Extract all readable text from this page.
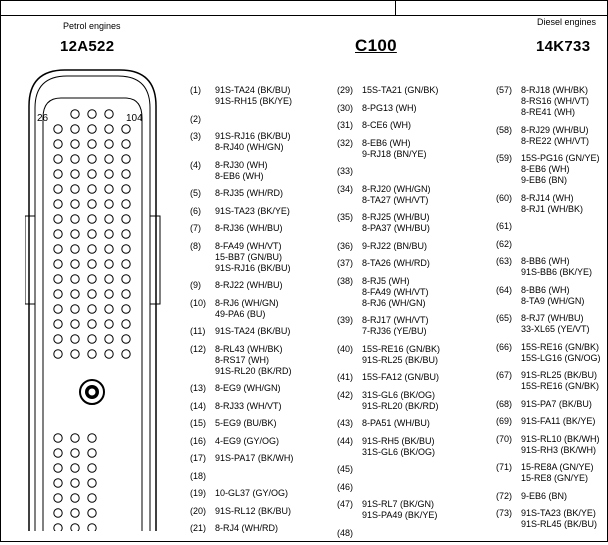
Petrol engines
12A522	C100
Diesel engines
14K733
26	104
(1)	91S-TA24 (BK/BU)
91S-RH15 (BK/YE)
(2)
(3)	91S-RJ16 (BK/BU)
8-RJ40 (WH/GN)
(4)	8-RJ30 (WH)
8-EB6 (WH)
(5)	8-RJ35 (WH/RD)
(6)	91S-TA23 (BK/YE)
(7)	8-RJ36 (WH/BU)
(8)	8-FA49 (WH/VT)
15-BB7 (GN/BU)
91S-RJ16 (BK/BU)
(9)	8-RJ22 (WH/BU)
(10) 8-RJ6 (WH/GN)
49-PA6 (BU)
(11)	91S-TA24 (BK/BU)
(12) 8-RL43 (WH/BK)
8-RS17 (WH)
91S-RL20 (BK/RD)
(13) 8-EG9 (WH/GN)
(14) 8-RJ33 (WH/VT)
(15) 5-EG9 (BU/BK)
(16) 4-EG9 (GY/OG)
(17) 91S-PA17 (BK/WH)
(18)
(19) 10-GL37 (GY/OG)
(20) 91S-RL12 (BK/BU)
(21) 8-RJ4 (WH/RD)
(29) 15S-TA21 (GN/BK)
(30) 8-PG13 (WH)
(31) 8-CE6 (WH)
(32) 8-EB6 (WH)
9-RJ18 (BN/YE)
(33)
(34) 8-RJ20 (WH/GN)
8-TA27 (WH/VT)
(35) 8-RJ25 (WH/BU)
8-PA37 (WH/BU)
(36) 9-RJ22 (BN/BU)
(37) 8-TA26 (WH/RD)
(38) 8-RJ5 (WH)
8-FA49 (WH/VT)
8-RJ6 (WH/GN)
(39) 8-RJ17 (WH/VT)
7-RJ36 (YE/BU)
(40) 15S-RE16 (GN/BK)
91S-RL25 (BK/BU)
(41) 15S-FA12 (GN/BU)
(42) 31S-GL6 (BK/OG)
91S-RL20 (BK/RD)
(43) 8-PA51 (WH/BU)
(44) 91S-RH5 (BK/BU)
31S-GL6 (BK/OG)
(45)
(46)
(47) 91S-RL7 (BK/GN)
91S-PA49 (BK/YE)
(48)
(57) 8-RJ18 (WH/BK)
8-RS16 (WH/VT)
8-RE41 (WH)
(58) 8-RJ29 (WH/BU)
8-RE22 (WH/VT)
(59) 15S-PG16 (GN/YE)
8-EB6 (WH)
9-EB6 (BN)
(60) 8-RJ14 (WH)
8-RJ1 (WH/BK)
(61)
(62)
(63) 8-BB6 (WH)
91S-BB6 (BK/YE)
(64) 8-BB6 (WH)
8-TA9 (WH/GN)
(65) 8-RJ7 (WH/BU)
33-XL65 (YE/VT)
(66) 15S-RE16 (GN/BK)
15S-LG16 (GN/OG)
(67) 91S-RL25 (BK/BU)
15S-RE16 (GN/BK)
(68) 91S-PA7 (BK/BU)
(69) 91S-FA11 (BK/YE)
(70) 91S-RL10 (BK/WH)
91S-RH3 (BK/WH)
(71) 15-RE8A (GN/YE)
15-RE8 (GN/YE)
(72) 9-EB6 (BN)
(73) 91S-TA23 (BK/YE)
91S-RL45 (BK/BU)
